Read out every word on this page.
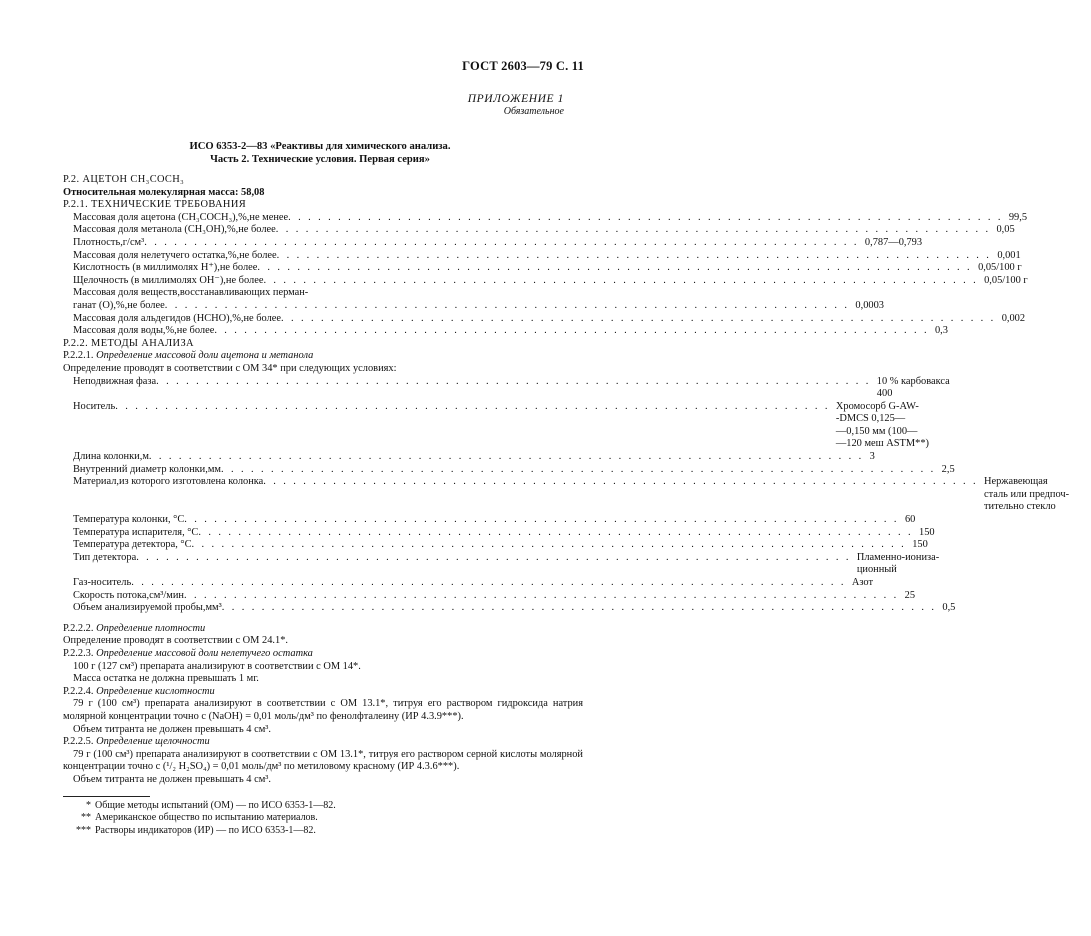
ГОСТ 2603—79 С. 11
ПРИЛОЖЕНИЕ 1
Обязательное
ИСО 6353-2—83 «Реактивы для химического анализа.
Часть 2. Технические условия. Первая серия»
Р.2. АЦЕТОН CH₃COCH₃
Относительная молекулярная масса: 58,08
Р.2.1. ТЕХНИЧЕСКИЕ ТРЕБОВАНИЯ
Массовая доля ацетона (CH₃COCH₃),%,не менее . . . . . . . . . . . . . . . . . . . . . . . . . . . . . . . . . . . . . . . . . . . . . . . . . . . . . . . . . . . . . . . . . . . . . . . . 99,5
Массовая доля метанола (CH₃OH),%,не более . . . . . . . . . . . . . . . . . . . . . . . . . . . . . . . . . . . . . . . . . . . . . . . . . . . . . . . . . . . . . . . . . . . . . . . . 0,05
Плотность,г/см³ . . . . . . . . . . . . . . . . . . . . . . . . . . . . . . . . . . . . . . . . . . . . . . . . . . . . . . . . . . . . . . . . . . . . . . . . 0,787—0,793
Массовая доля нелетучего остатка,%,не более . . . . . . . . . . . . . . . . . . . . . . . . . . . . . . . . . . . . . . . . . . . . . . . . . . . . . . . . . . . . . . . . . . . . . . . . 0,001
Кислотность (в миллимолях H⁺),не более . . . . . . . . . . . . . . . . . . . . . . . . . . . . . . . . . . . . . . . . . . . . . . . . . . . . . . . . . . . . . . . . . . . . . . . . 0,05/100 г
Щелочность (в миллимолях OH⁻),не более . . . . . . . . . . . . . . . . . . . . . . . . . . . . . . . . . . . . . . . . . . . . . . . . . . . . . . . . . . . . . . . . . . . . . . . . 0,05/100 г
Массовая доля веществ,восстанавливающих перман-
ганат (О),%,не более . . . . . . . . . . . . . . . . . . . . . . . . . . . . . . . . . . . . . . . . . . . . . . . . . . . . . . . . . . . . . . . . . . . . . 0,0003
Массовая доля альдегидов (HCHO),%,не более . . . . . . . . . . . . . . . . . . . . . . . . . . . . . . . . . . . . . . . . . . . . . . . . . . . . . . . . . . . . . . . . . . . . . . . . 0,002
Массовая доля воды,%,не более . . . . . . . . . . . . . . . . . . . . . . . . . . . . . . . . . . . . . . . . . . . . . . . . . . . . . . . . . . . . . . . . . . . . . . . . 0,3
Р.2.2. МЕТОДЫ АНАЛИЗА
Р.2.2.1. Определение массовой доли ацетона и метанола
Определение проводят в соответствии с ОМ 34* при следующих условиях:
Неподвижная фаза . . . . . . . . . . . . . . . . . . . . . . . . . . . . . . . . . . . . . . . . . . . . . . . . . . . . . . . . . . . . . . . . . . . . . . . . 10 % карбовакса
400
Носитель . . . . . . . . . . . . . . . . . . . . . . . . . . . . . . . . . . . . . . . . . . . . . . . . . . . . . . . . . . . . . . . . . . . . . . . . Хромосорб G-AW-
-DMCS 0,125—
—0,150 мм (100—
—120 меш ASTM**)
Длина колонки,м . . . . . . . . . . . . . . . . . . . . . . . . . . . . . . . . . . . . . . . . . . . . . . . . . . . . . . . . . . . . . . . . . . . . . . . . 3
Внутренний диаметр колонки,мм . . . . . . . . . . . . . . . . . . . . . . . . . . . . . . . . . . . . . . . . . . . . . . . . . . . . . . . . . . . . . . . . . . . . . . . . 2,5
Материал,из которого изготовлена колонка . . . . . . . . . . . . . . . . . . . . . . . . . . . . . . . . . . . . . . . . . . . . . . . . . . . . . . . . . . . . . . . . . . . . . . . . Нержавеющая
сталь или предпоч-
тительно стекло
Температура колонки, °С . . . . . . . . . . . . . . . . . . . . . . . . . . . . . . . . . . . . . . . . . . . . . . . . . . . . . . . . . . . . . . . . . . . . . . . . 60
Температура испарителя, °С . . . . . . . . . . . . . . . . . . . . . . . . . . . . . . . . . . . . . . . . . . . . . . . . . . . . . . . . . . . . . . . . . . . . . . . . 150
Температура детектора, °С . . . . . . . . . . . . . . . . . . . . . . . . . . . . . . . . . . . . . . . . . . . . . . . . . . . . . . . . . . . . . . . . . . . . . . . . 150
Тип детектора . . . . . . . . . . . . . . . . . . . . . . . . . . . . . . . . . . . . . . . . . . . . . . . . . . . . . . . . . . . . . . . . . . . . . . . . Пламенно-иониза-
ционный
Газ-носитель . . . . . . . . . . . . . . . . . . . . . . . . . . . . . . . . . . . . . . . . . . . . . . . . . . . . . . . . . . . . . . . . . . . . . . . . Азот
Скорость потока,см³/мин . . . . . . . . . . . . . . . . . . . . . . . . . . . . . . . . . . . . . . . . . . . . . . . . . . . . . . . . . . . . . . . . . . . . . . . . 25
Объем анализируемой пробы,мм³ . . . . . . . . . . . . . . . . . . . . . . . . . . . . . . . . . . . . . . . . . . . . . . . . . . . . . . . . . . . . . . . . . . . . . . . . 0,5
Р.2.2.2. Определение плотности
Определение проводят в соответствии с ОМ 24.1*.
Р.2.2.3. Определение массовой доли нелетучего остатка
100 г (127 см³) препарата анализируют в соответствии с ОМ 14*.
Масса остатка не должна превышать 1 мг.
Р.2.2.4. Определение кислотности
79 г (100 см³) препарата анализируют в соответствии с ОМ 13.1*, титруя его раствором гидроксида натрия молярной концентрации точно c (NaOH) = 0,01 моль/дм³ по фенолфталеину (ИР 4.3.9***).
Объем титранта не должен превышать 4 см³.
Р.2.2.5. Определение щелочности
79 г (100 см³) препарата анализируют в соответствии с ОМ 13.1*, титруя его раствором серной кислоты молярной концентрации точно c (¹/₂ H₂SO₄) = 0,01 моль/дм³ по метиловому красному (ИР 4.3.6***).
Объем титранта не должен превышать 4 см³.
* Общие методы испытаний (ОМ) — по ИСО 6353-1—82.
** Американское общество по испытанию материалов.
*** Растворы индикаторов (ИР) — по ИСО 6353-1—82.
